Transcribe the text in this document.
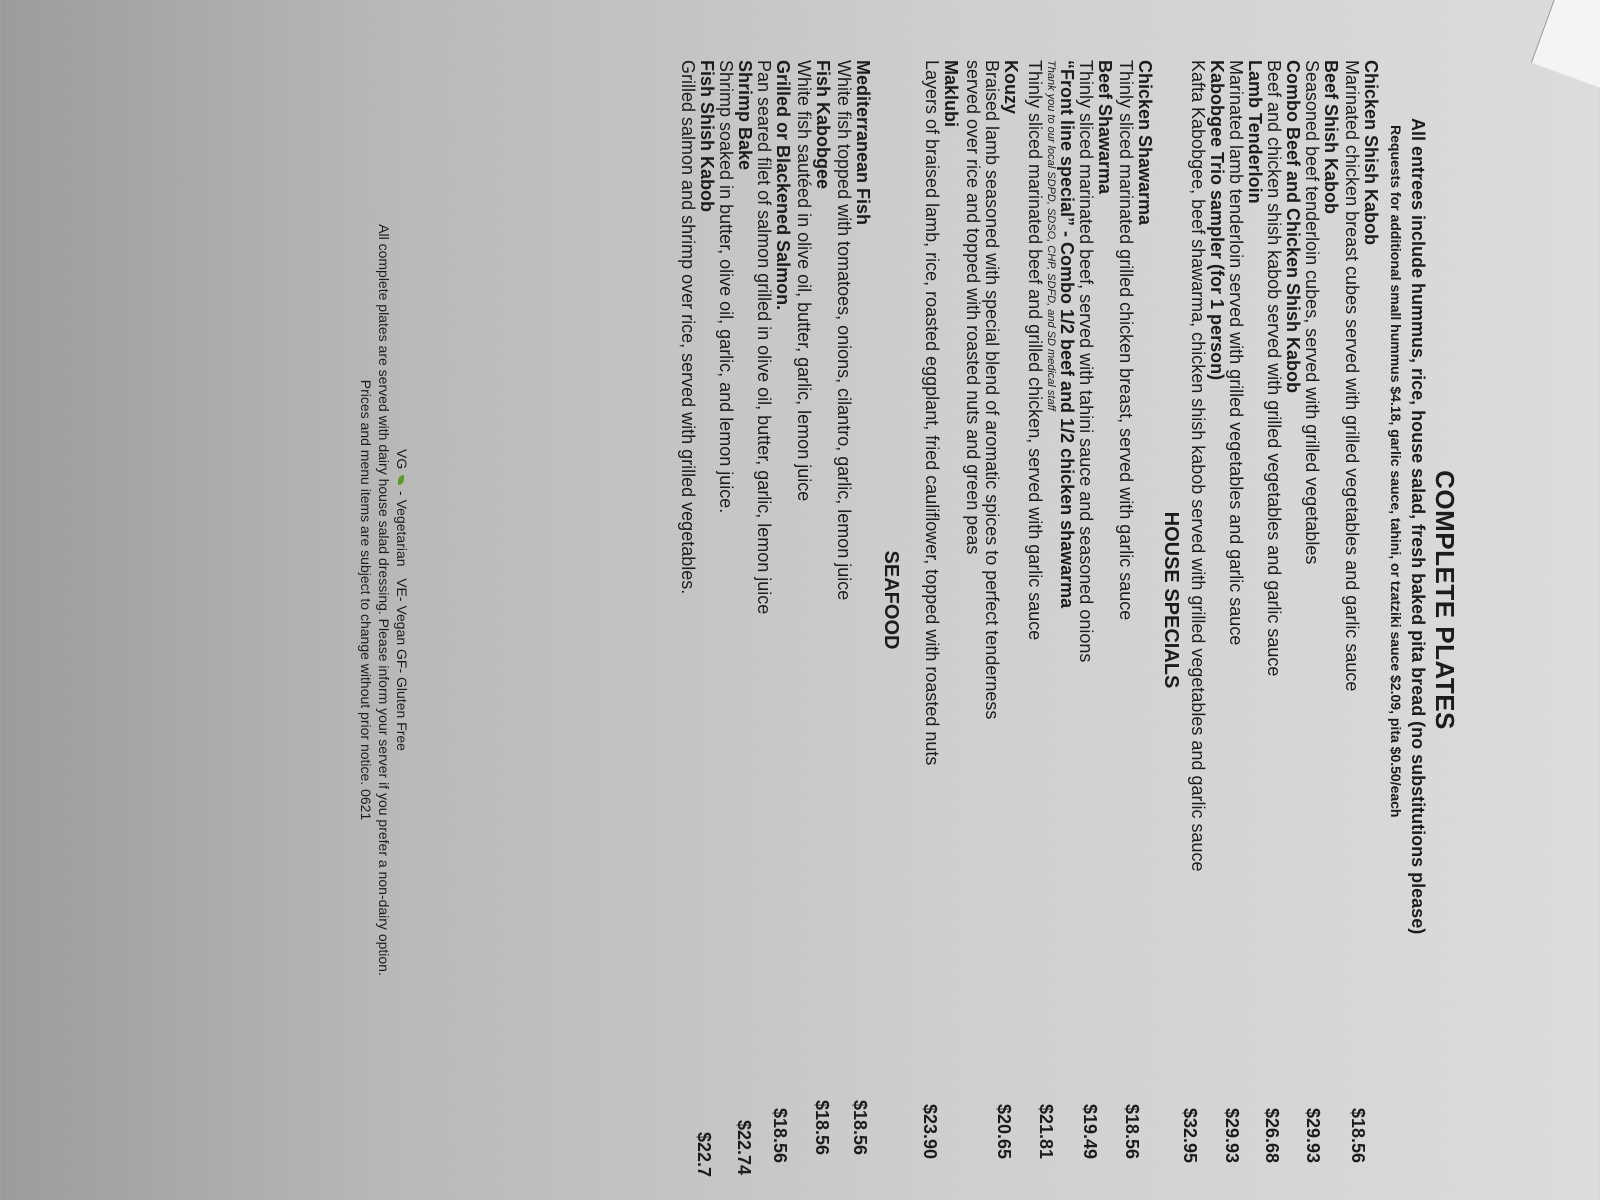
COMPLETE PLATES
All entrees include hummus, rice, house salad, fresh baked pita bread (no substitutions please)
Requests for additional small hummus $4.18, garlic sauce, tahini, or tzatziki sauce $2.09, pita $0.50/each
Chicken Shish Kabob
Marinated chicken breast cubes served with grilled vegetables and garlic sauce
$18.56
Beef Shish Kabob
Seasoned beef tenderloin cubes, served with grilled vegetables
$29.93
Combo Beef and Chicken Shish Kabob
Beef and chicken shish kabob served with grilled vegetables and garlic sauce
$26.68
Lamb Tenderloin
Marinated lamb tenderloin served with grilled vegetables and garlic sauce
$29.93
Kabobgee Trio sampler (for 1 person)
Kafta Kabobgee, beef shawarma, chicken shish kabob served with grilled vegetables and garlic sauce
$32.95
HOUSE SPECIALS
Chicken Shawarma
Thinly sliced marinated grilled chicken breast, served with garlic sauce
$18.56
Beef Shawarma
Thinly sliced marinated beef, served with tahini sauce and seasoned onions
$19.49
“Front line special” - Combo 1/2 beef and 1/2 chicken shawarma
Thank you to our local SDPD, SDSO, CHP, SDFD, and SD medical staff
Thinly sliced marinated beef and grilled chicken, served with garlic sauce
$21.81
Kouzy
Braised lamb seasoned with special blend of aromatic spices to perfect tenderness
served over rice and topped with roasted nuts and green peas
$20.65
Maklubi
Layers of braised lamb, rice, roasted eggplant, fried cauliflower, topped with roasted nuts
$23.90
SEAFOOD
Mediterranean Fish
White fish topped with tomatoes, onions, cilantro, garlic, lemon juice
$18.56
Fish Kabobgee
White fish sautéed in olive oil, butter, garlic, lemon juice
$18.56
Grilled or Blackened Salmon.
Pan seared filet of salmon grilled in olive oil, butter, garlic, lemon juice
$18.56
Shrimp Bake
Shrimp soaked in butter, olive oil, garlic, and lemon juice.
$22.74
Fish Shish Kabob
Grilled salmon and shrimp over rice, served with grilled vegetables.
$22.7
VG  - Vegetarian   VE- Vegan GF- Gluten Free
All complete plates are served with dairy house salad dressing. Please inform your server if you prefer a non-dairy option.
Prices and menu items are subject to change without prior notice. 0621
